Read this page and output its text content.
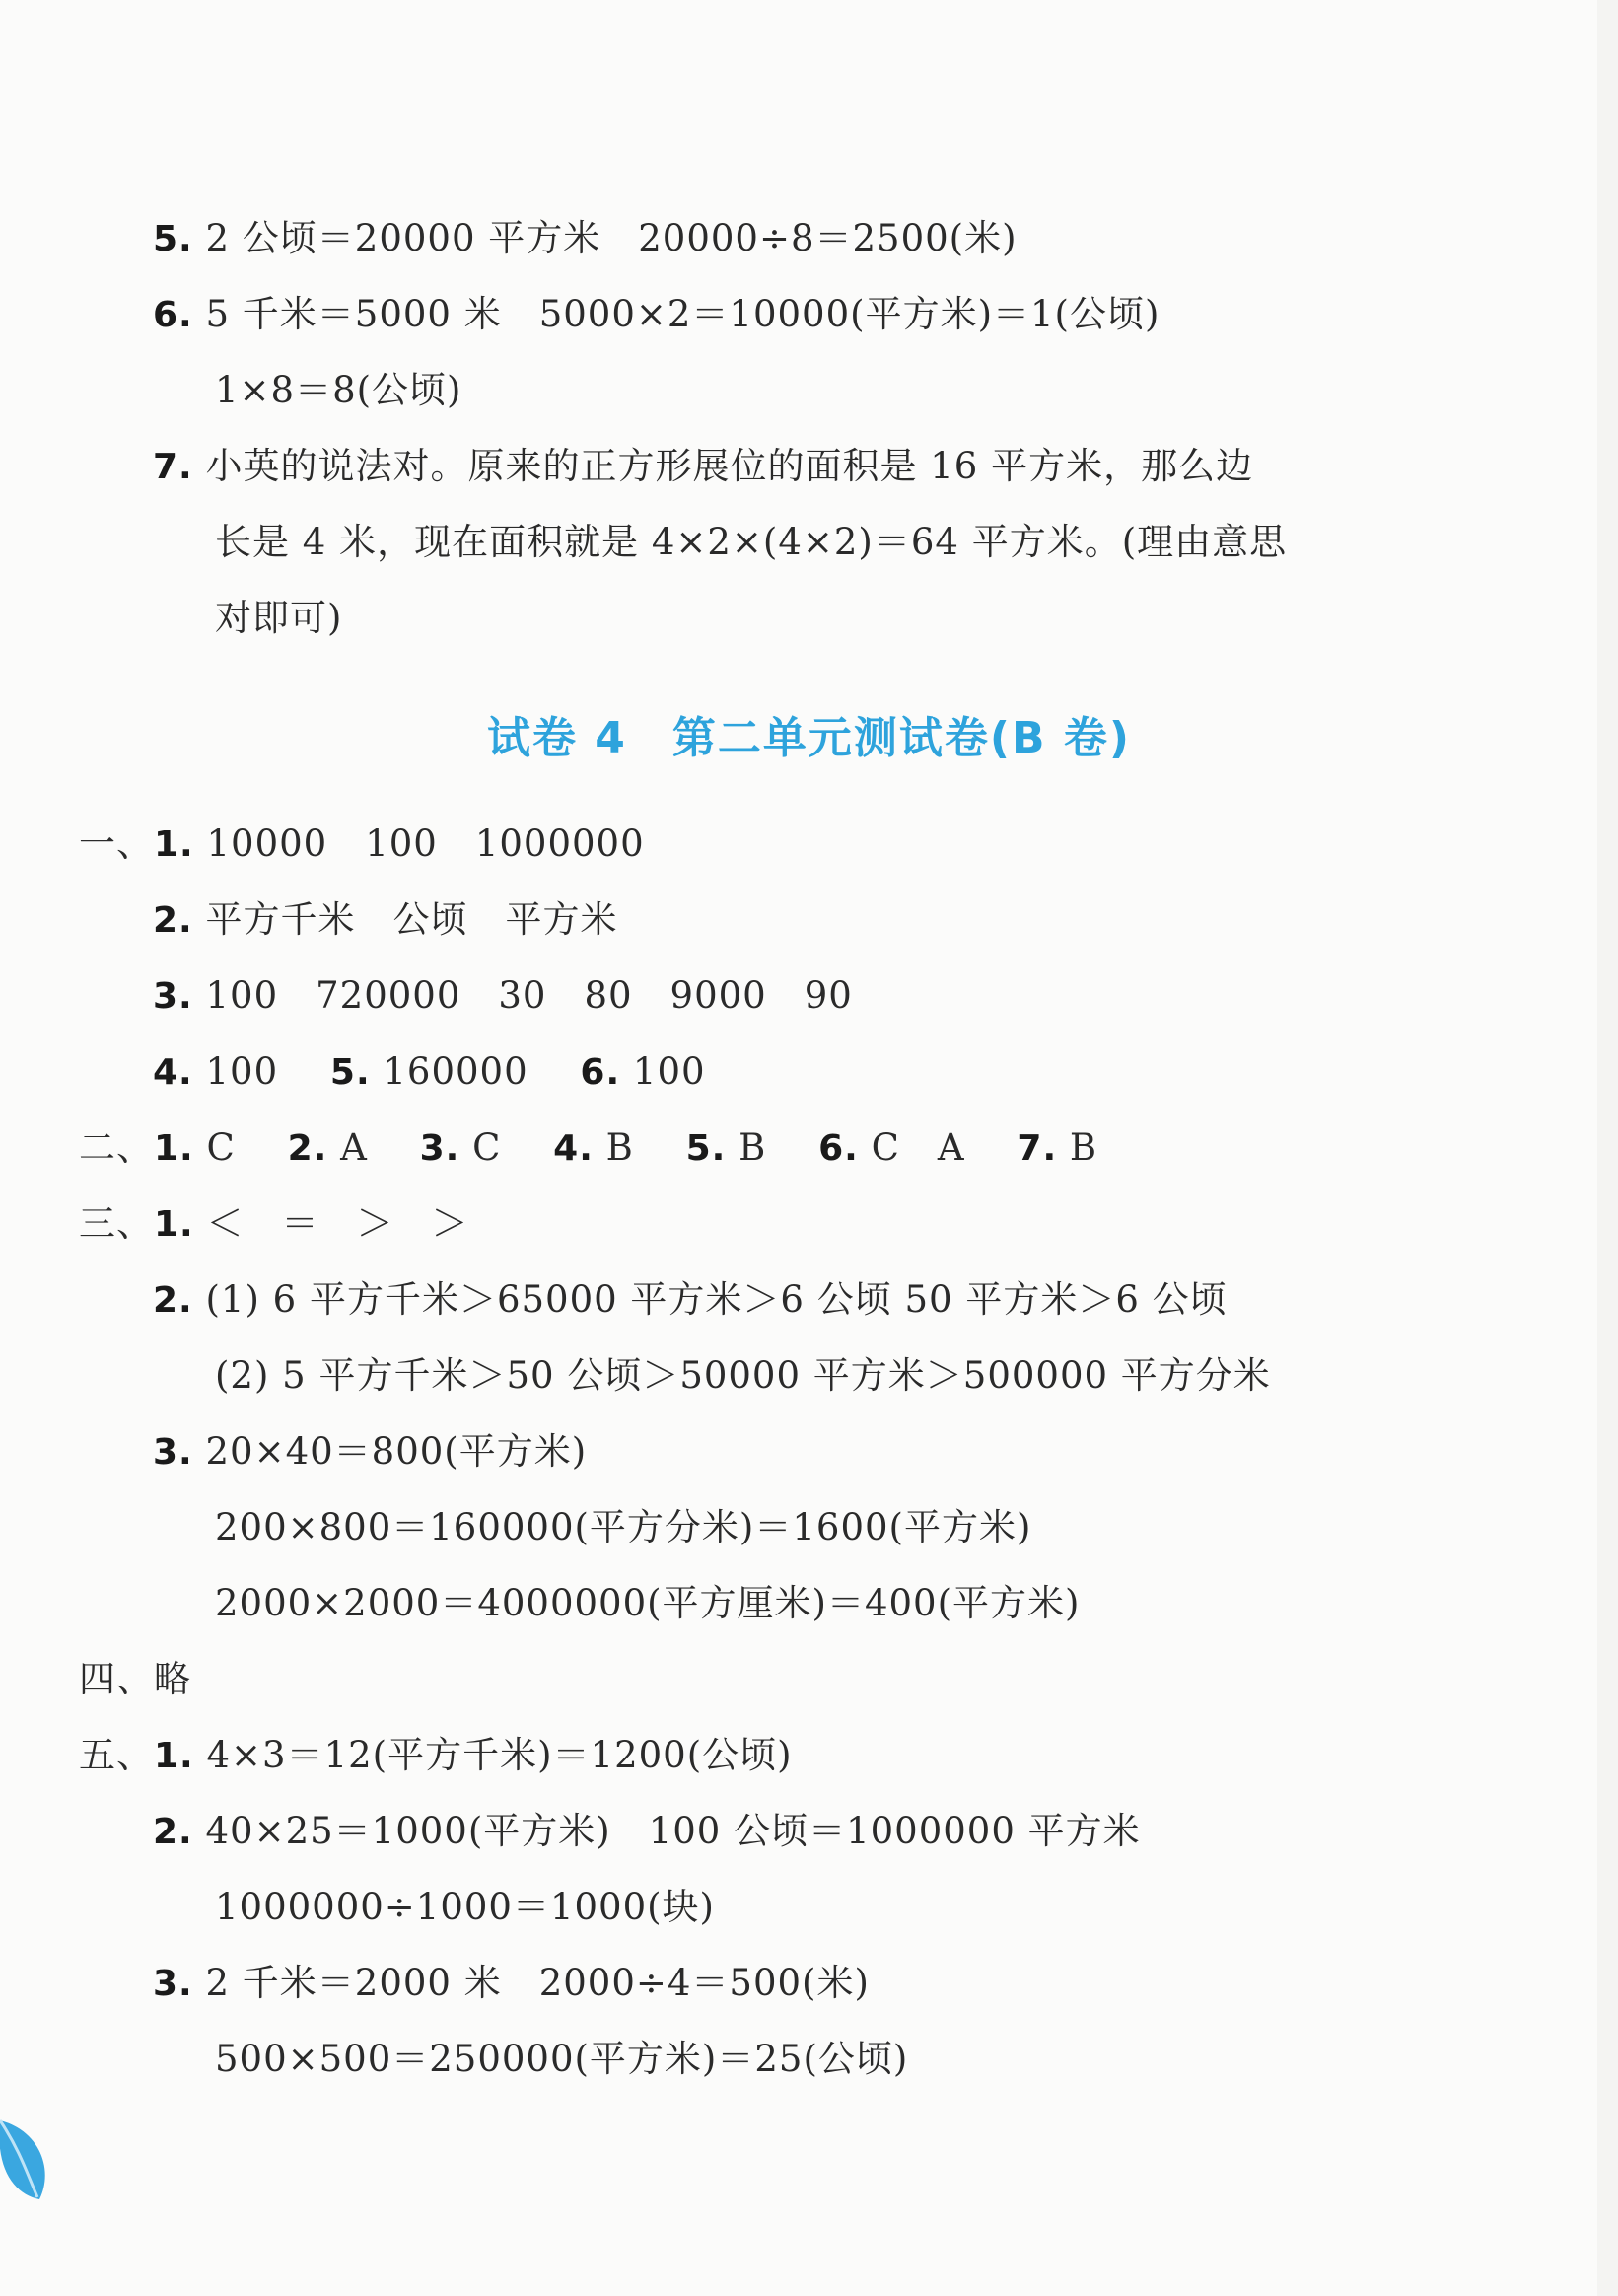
5. 2 公顷＝20000 平方米　20000÷8＝2500(米)
6. 5 千米＝5000 米　5000×2＝10000(平方米)＝1(公顷)
1×8＝8(公顷)
7. 小英的说法对。原来的正方形展位的面积是 16 平方米，那么边
长是 4 米，现在面积就是 4×2×(4×2)＝64 平方米。(理由意思
对即可)
试卷 4　第二单元测试卷(B 卷)
一、1. 10000　100　1000000
2. 平方千米　公顷　平方米
3. 100　720000　30　80　9000　90
4. 100 5. 160000 6. 100
二、1. C 2. A 3. C 4. B 5. B 6. C　A 7. B
三、1. ＜　＝　＞　＞
2. (1) 6 平方千米＞65000 平方米＞6 公顷 50 平方米＞6 公顷
(2) 5 平方千米＞50 公顷＞50000 平方米＞500000 平方分米
3. 20×40＝800(平方米)
200×800＝160000(平方分米)＝1600(平方米)
2000×2000＝4000000(平方厘米)＝400(平方米)
四、略
五、1. 4×3＝12(平方千米)＝1200(公顷)
2. 40×25＝1000(平方米)　100 公顷＝1000000 平方米
1000000÷1000＝1000(块)
3. 2 千米＝2000 米　2000÷4＝500(米)
500×500＝250000(平方米)＝25(公顷)
